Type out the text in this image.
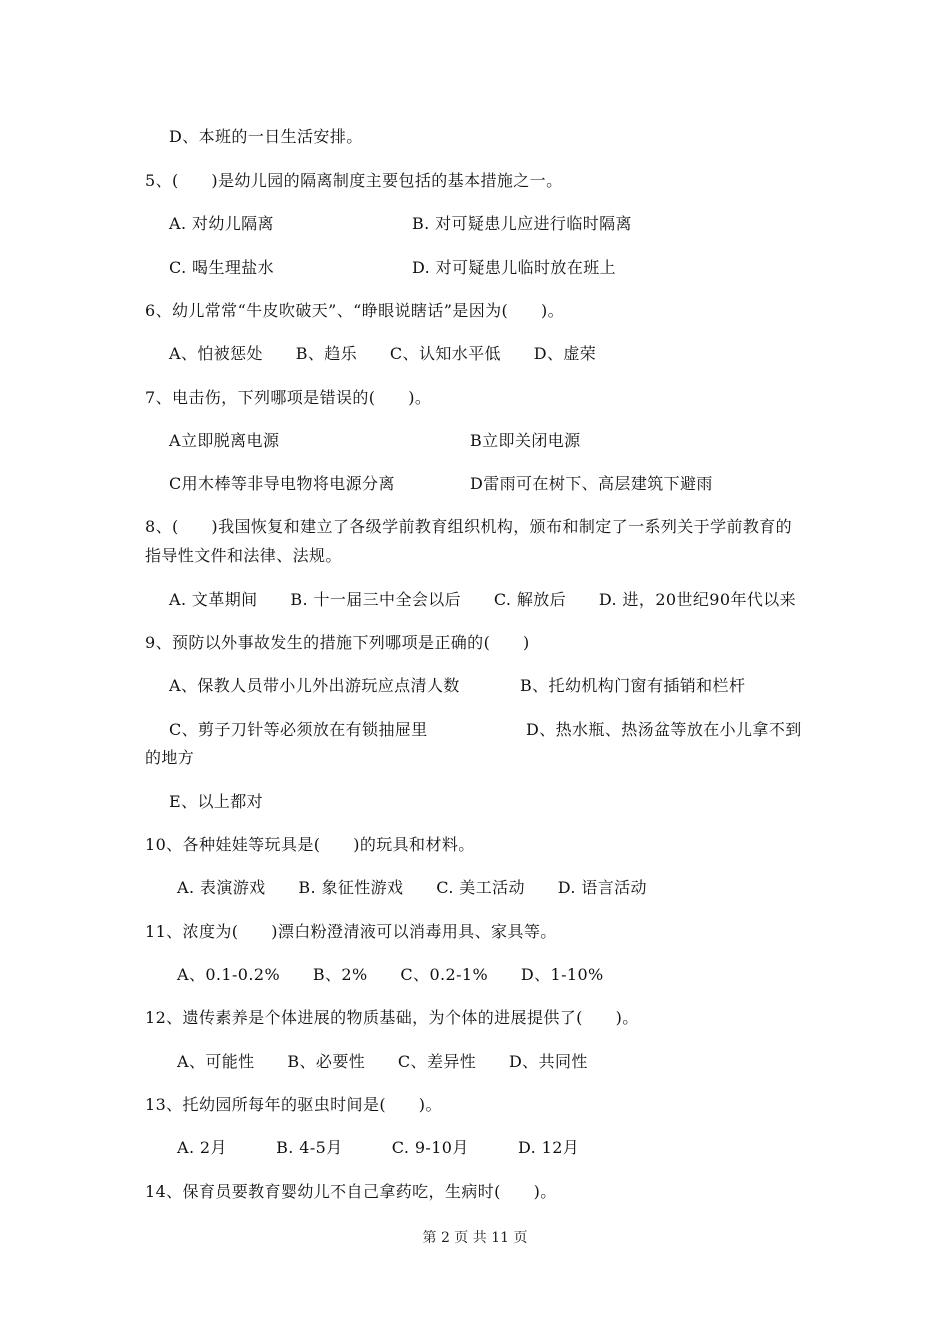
D、本班的一日生活安排。
5、(　　)是幼儿园的隔离制度主要包括的基本措施之一。
A. 对幼儿隔离	B. 对可疑患儿应进行临时隔离
C. 喝生理盐水	D. 对可疑患儿临时放在班上
6、幼儿常常“牛皮吹破天”、“睁眼说瞎话”是因为(　　)。
A、怕被惩处　　B、趋乐　　C、认知水平低　　D、虚荣
7、电击伤，下列哪项是错误的(　　)。
A立即脱离电源	B立即关闭电源
C用木棒等非导电物将电源分离	D雷雨可在树下、高层建筑下避雨
8、(　　)我国恢复和建立了各级学前教育组织机构，颁布和制定了一系列关于学前教育的
指导性文件和法律、法规。
A. 文革期间　　B. 十一届三中全会以后　　C. 解放后　　D. 进，20世纪90年代以来
9、预防以外事故发生的措施下列哪项是正确的(　　)
A、保教人员带小儿外出游玩应点清人数	B、托幼机构门窗有插销和栏杆
C、剪子刀针等必须放在有锁抽屉里	D、热水瓶、热汤盆等放在小儿拿不到
的地方
E、以上都对
10、各种娃娃等玩具是(　　)的玩具和材料。
A. 表演游戏　　B. 象征性游戏　　C. 美工活动　　D. 语言活动
11、浓度为(　　)漂白粉澄清液可以消毒用具、家具等。
A、0.1-0.2%　　B、2%　　C、0.2-1%　　D、1-10%
12、遗传素养是个体进展的物质基础，为个体的进展提供了(　　)。
A、可能性　　B、必要性　　C、差异性　　D、共同性
13、托幼园所每年的驱虫时间是(　　)。
A. 2月　　　B. 4-5月　　　C. 9-10月　　　D. 12月
14、保育员要教育婴幼儿不自己拿药吃，生病时(　　)。
第 2 页 共 11 页
